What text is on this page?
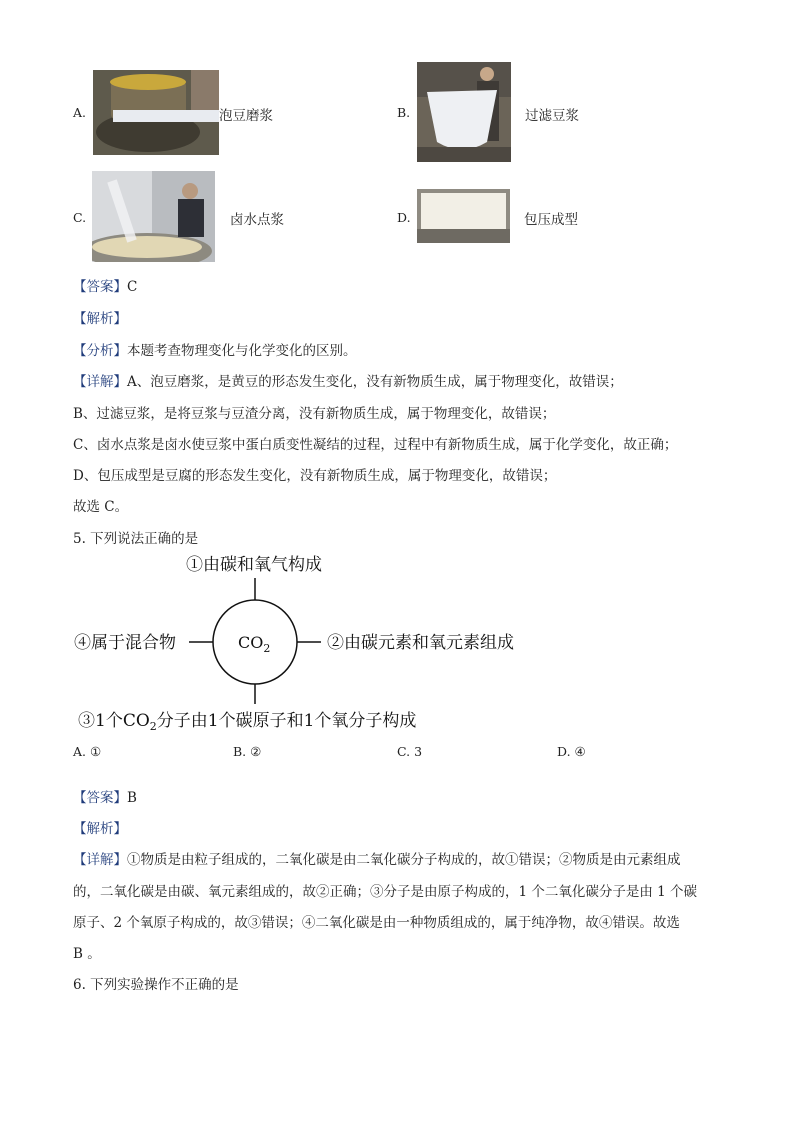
A.	泡豆磨浆	B.	过滤豆浆
C.	卤水点浆	D.	包压成型
【答案】C
【解析】
【分析】本题考查物理变化与化学变化的区别。
【详解】A、泡豆磨浆，是黄豆的形态发生变化，没有新物质生成，属于物理变化，故错误；
B、过滤豆浆，是将豆浆与豆渣分离，没有新物质生成，属于物理变化，故错误；
C、卤水点浆是卤水使豆浆中蛋白质变性凝结的过程，过程中有新物质生成，属于化学变化，故正确；
D、包压成型是豆腐的形态发生变化，没有新物质生成，属于物理变化，故错误；
故选 C。
5. 下列说法正确的是
$CO_2$
①由碳和氧气构成
②由碳元素和氧元素组成
④属于混合物
③1个$CO_2$分子由1个碳原子和1个氧分子构成
A. ①	B. ②	C. 3	D. ④
【答案】B
【解析】
【详解】①物质是由粒子组成的，二氧化碳是由二氧化碳分子构成的，故①错误；②物质是由元素组成
的，二氧化碳是由碳、氧元素组成的，故②正确；③分子是由原子构成的，1 个二氧化碳分子是由 1 个碳
原子、2 个氧原子构成的，故③错误；④二氧化碳是由一种物质组成的，属于纯净物，故④错误。故选
B 。
6. 下列实验操作不正确的是
